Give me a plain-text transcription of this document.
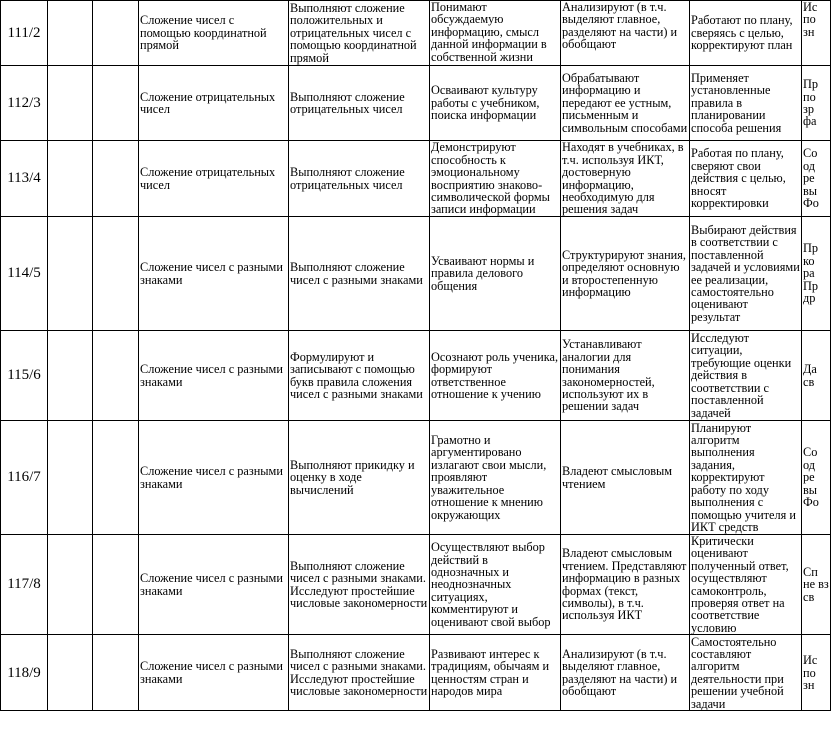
111/2			Сложение чисел с помощью координатной прямой	Выполняют сложение положительных и отрицательных чисел с помощью координатной прямой	Понимают обсуждаемую информацию, смысл данной информации в собственной жизни	Анализируют (в т.ч. выделяют главное, разделяют на части) и обобщают	Работают по плану, сверяясь с целью, корректируют план	Ис по зн

112/3			Сложение отрицательных чисел	Выполняют сложение отрицательных чисел	Осваивают культуру работы с учебником, поиска информации	Обрабатывают информацию и передают ее устным, письменным и символьным способами	Применяет установленные правила в планировании способа решения	Пр по зр фа

113/4			Сложение отрицательных чисел	Выполняют сложение отрицательных чисел	Демонстрируют способность к эмоциональному восприятию знаково-символической формы записи информации	Находят в учебниках, в т.ч. используя ИКТ, достоверную информацию, необходимую для решения задач	Работая по плану, сверяют свои действия с целью, вносят корректировки	Со од ре вы Фо

114/5			Сложение чисел с разными знаками	Выполняют сложение чисел с разными знаками	Усваивают нормы и правила делового общения	Структурируют знания, определяют основную и второстепенную информацию	Выбирают действия в соответствии с поставленной задачей и условиями ее реализации, самостоятельно оценивают результат	Пр ко рa Пр др

115/6			Сложение чисел с разными знаками	Формулируют и записывают с помощью букв правила сложения чисел с разными знаками	Осознают роль ученика, формируют ответственное отношение к учению	Устанавливают аналогии для понимания закономерностей, используют их в решении задач	Исследуют ситуации, требующие оценки действия в соответствии с поставленной задачей	Да св

116/7			Сложение чисел с разными знаками	Выполняют прикидку и оценку в ходе вычислений	Грамотно и аргументировано излагают свои мысли, проявляют уважительное отношение к мнению окружающих	Владеют смысловым чтением	Планируют алгоритм выполнения задания, корректируют работу по ходу выполнения с помощью учителя и ИКТ средств	Со од ре вы Фо

117/8			Сложение чисел с разными знаками	Выполняют сложение чисел с разными знаками. Исследуют простейшие числовые закономерности	Осуществляют выбор действий в однозначных и неоднозначных ситуациях, комментируют и оценивают свой выбор	Владеют смысловым чтением. Представляют информацию в разных формах (текст, символы), в т.ч. используя ИКТ	Критически оценивают полученный ответ, осуществляют самоконтроль, проверяя ответ на соответствие условию	Сп не вз св

118/9			Сложение чисел с разными знаками	Выполняют сложение чисел с разными знаками. Исследуют простейшие числовые закономерности	Развивают интерес к традициям, обычаям и ценностям стран и народов мира	Анализируют (в т.ч. выделяют главное, разделяют на части) и обобщают	Самостоятельно составляют алгоритм деятельности при решении учебной задачи	Ис по зн
